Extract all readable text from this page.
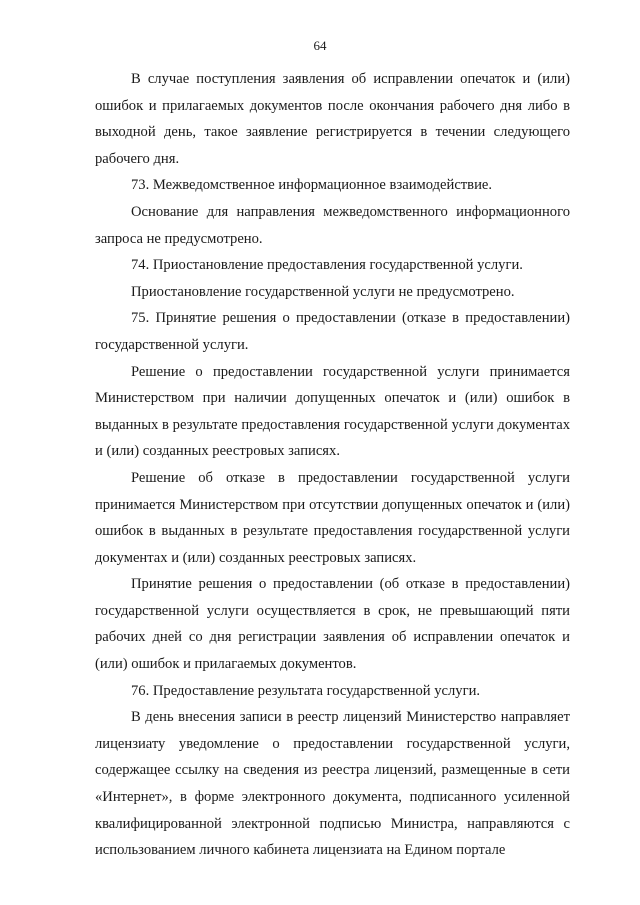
64

В случае поступления заявления об исправлении опечаток и (или) ошибок и прилагаемых документов после окончания рабочего дня либо в выходной день, такое заявление регистрируется в течении следующего рабочего дня.

73. Межведомственное информационное взаимодействие.

Основание для направления межведомственного информационного запроса не предусмотрено.

74. Приостановление предоставления государственной услуги.

Приостановление государственной услуги не предусмотрено.

75. Принятие решения о предоставлении (отказе в предоставлении) государственной услуги.

Решение о предоставлении государственной услуги принимается Министерством при наличии допущенных опечаток и (или) ошибок в выданных в результате предоставления государственной услуги документах и (или) созданных реестровых записях.

Решение об отказе в предоставлении государственной услуги принимается Министерством при отсутствии допущенных опечаток и (или) ошибок в выданных в результате предоставления государственной услуги документах и (или) созданных реестровых записях.

Принятие решения о предоставлении (об отказе в предоставлении) государственной услуги осуществляется в срок, не превышающий пяти рабочих дней со дня регистрации заявления об исправлении опечаток и (или) ошибок и прилагаемых документов.

76. Предоставление результата государственной услуги.

В день внесения записи в реестр лицензий Министерство направляет лицензиату уведомление о предоставлении государственной услуги, содержащее ссылку на сведения из реестра лицензий, размещенные в сети «Интернет», в форме электронного документа, подписанного усиленной квалифицированной электронной подписью Министра, направляются с использованием личного кабинета лицензиата на Едином портале
